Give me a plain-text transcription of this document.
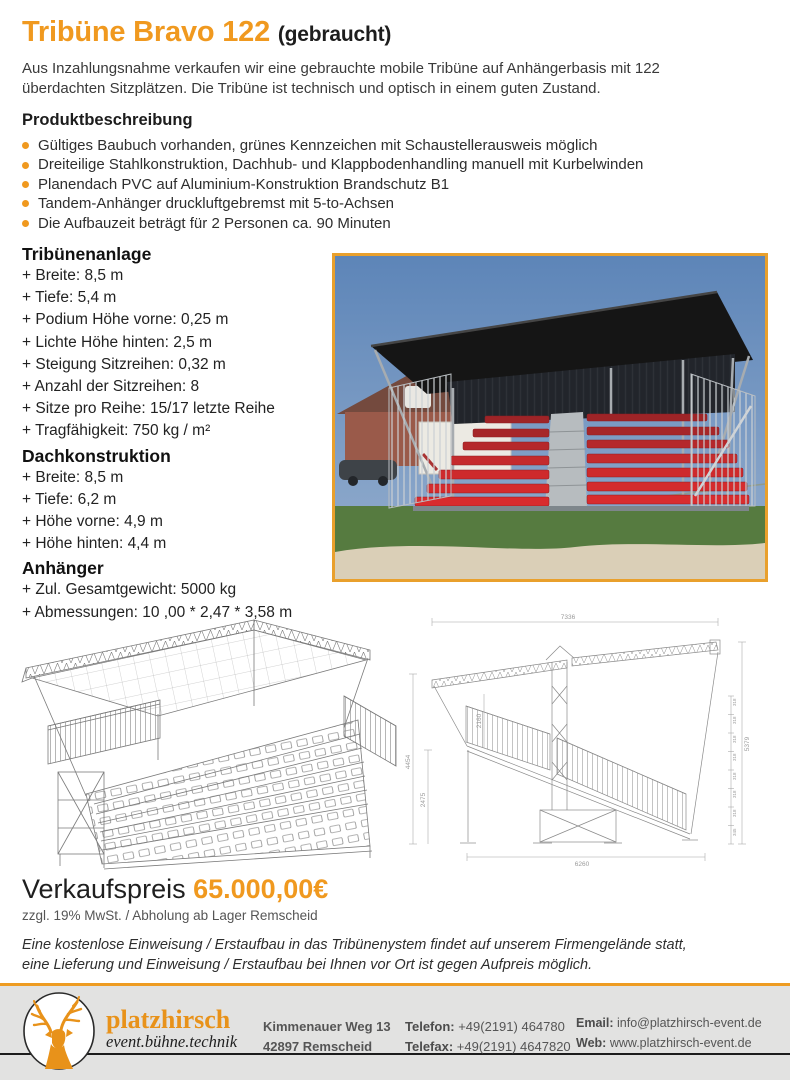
Tribüne Bravo 122 (gebraucht)

Aus Inzahlungsnahme verkaufen wir eine gebrauchte mobile Tribüne auf Anhängerbasis mit 122 überdachten Sitzplätzen. Die Tribüne ist technisch und optisch in einem guten Zustand.

Produktbeschreibung
Gültiges Baubuch vorhanden, grünes Kennzeichen mit Schaustellerausweis möglich
Dreiteilige Stahlkonstruktion, Dachhub- und Klappbodenhandling manuell mit Kurbelwinden
Planendach PVC auf Aluminium-Konstruktion Brandschutz B1
Tandem-Anhänger druckluftgebremst mit 5-to-Achsen
Die Aufbauzeit beträgt für 2 Personen ca. 90 Minuten
Tribünenanlage
+ Breite: 8,5 m
+ Tiefe: 5,4 m
+ Podium Höhe vorne: 0,25 m
+ Lichte Höhe hinten: 2,5 m
+ Steigung Sitzreihen: 0,32 m
+ Anzahl der Sitzreihen: 8
+ Sitze pro Reihe: 15/17 letzte Reihe
+ Tragfähigkeit: 750 kg / m²
Dachkonstruktion
+ Breite: 8,5 m
+ Tiefe: 6,2 m
+ Höhe vorne: 4,9 m
+ Höhe hinten: 4,4 m
Anhänger
+ Zul. Gesamtgewicht: 5000 kg
+ Abmessungen: 10 ,00 * 2,47 * 3,58 m	7336
6260
4454
2475
2160
5379
345
318
318
318
318
318
318
318
Verkaufspreis 65.000,00€
zzgl. 19% MwSt. / Abholung ab Lager Remscheid
Eine kostenlose Einweisung / Erstaufbau in das Tribünenystem findet auf unserem Firmengelände statt,
eine Lieferung und Einweisung / Erstaufbau bei Ihnen vor Ort ist gegen Aufpreis möglich.
platzhirsch
event.bühne.technik
Kimmenauer Weg 13
42897 Remscheid
Telefon: +49(2191) 464780
Telefax: +49(2191) 4647820
Email: info@platzhirsch-event.de
Web: www.platzhirsch-event.de
